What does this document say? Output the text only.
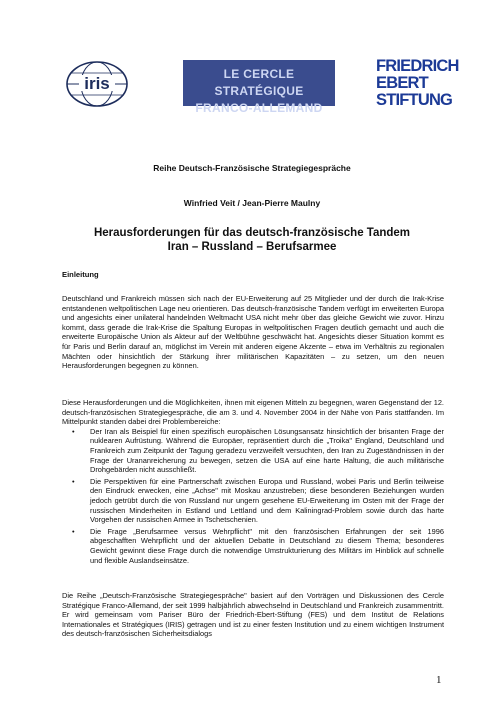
iris	LE CERCLE STRATÉGIQUE
FRANCO-ALLEMAND
FRIEDRICH
EBERT
STIFTUNG
Reihe Deutsch-Französische Strategiegespräche
Winfried Veit / Jean-Pierre Maulny
Herausforderungen für das deutsch-französische Tandem
Iran – Russland – Berufsarmee
Einleitung
Deutschland und Frankreich müssen sich nach der EU-Erweiterung auf 25 Mitglieder und der durch die Irak-Krise entstandenen weltpolitischen Lage neu orientieren. Das deutsch-französische Tandem verfügt im erweiterten Europa und angesichts einer unilateral handelnden Weltmacht USA nicht mehr über das gleiche Gewicht wie zuvor. Hinzu kommt, dass gerade die Irak-Krise die Spaltung Europas in weltpolitischen Fragen deutlich gemacht und auch die erweiterte Europäische Union als Akteur auf der Weltbühne geschwächt hat. Angesichts dieser Situation kommt es für Paris und Berlin darauf an, möglichst im Verein mit anderen eigene Akzente – etwa im Verhältnis zu regionalen Mächten oder hinsichtlich der Stärkung ihrer militärischen Kapazitäten – zu setzen, um den neuen Herausforderungen begegnen zu können.

Diese Herausforderungen und die Möglichkeiten, ihnen mit eigenen Mitteln zu begegnen, waren Gegenstand der 12. deutsch-französischen Strategiegespräche, die am 3. und 4. November 2004 in der Nähe von Paris stattfanden. Im Mittelpunkt standen dabei drei Problembereiche:

• Der Iran als Beispiel für einen spezifisch europäischen Lösungsansatz hinsichtlich der brisanten Frage der nuklearen Aufrüstung. Während die Europäer, repräsentiert durch die „Troika" England, Deutschland und Frankreich zum Zeitpunkt der Tagung geradezu verzweifelt versuchten, den Iran zu Zugeständnissen in der Frage der Urananreicherung zu bewegen, setzen die USA auf eine harte Haltung, die auch militärische Drohgebärden nicht ausschließt.
• Die Perspektiven für eine Partnerschaft zwischen Europa und Russland, wobei Paris und Berlin teilweise den Eindruck erwecken, eine „Achse" mit Moskau anzustreben; diese besonderen Beziehungen wurden jedoch getrübt durch die von Russland nur ungern gesehene EU-Erweiterung im Osten mit der Frage der russischen Minderheiten in Estland und Lettland und dem Kaliningrad-Problem sowie durch das harte Vorgehen der russischen Armee in Tschetschenien.
• Die Frage „Berufsarmee versus Wehrpflicht" mit den französischen Erfahrungen der seit 1996 abgeschafften Wehrpflicht und der aktuellen Debatte in Deutschland zu diesem Thema; besonderes Gewicht gewinnt diese Frage durch die notwendige Umstrukturierung des Militärs im Hinblick auf schnelle und flexible Auslandseinsätze.
Die Reihe „Deutsch-Französische Strategiegespräche" basiert auf den Vorträgen und Diskussionen des Cercle Stratégique Franco-Allemand, der seit 1999 halbjährlich abwechselnd in Deutschland und Frankreich zusammentritt. Er wird gemeinsam vom Pariser Büro der Friedrich-Ebert-Stiftung (FES) und dem Institut de Relations Internationales et Stratégiques (IRIS) getragen und ist zu einer festen Institution und zu einem wichtigen Instrument des deutsch-französischen Sicherheitsdialogs
1
